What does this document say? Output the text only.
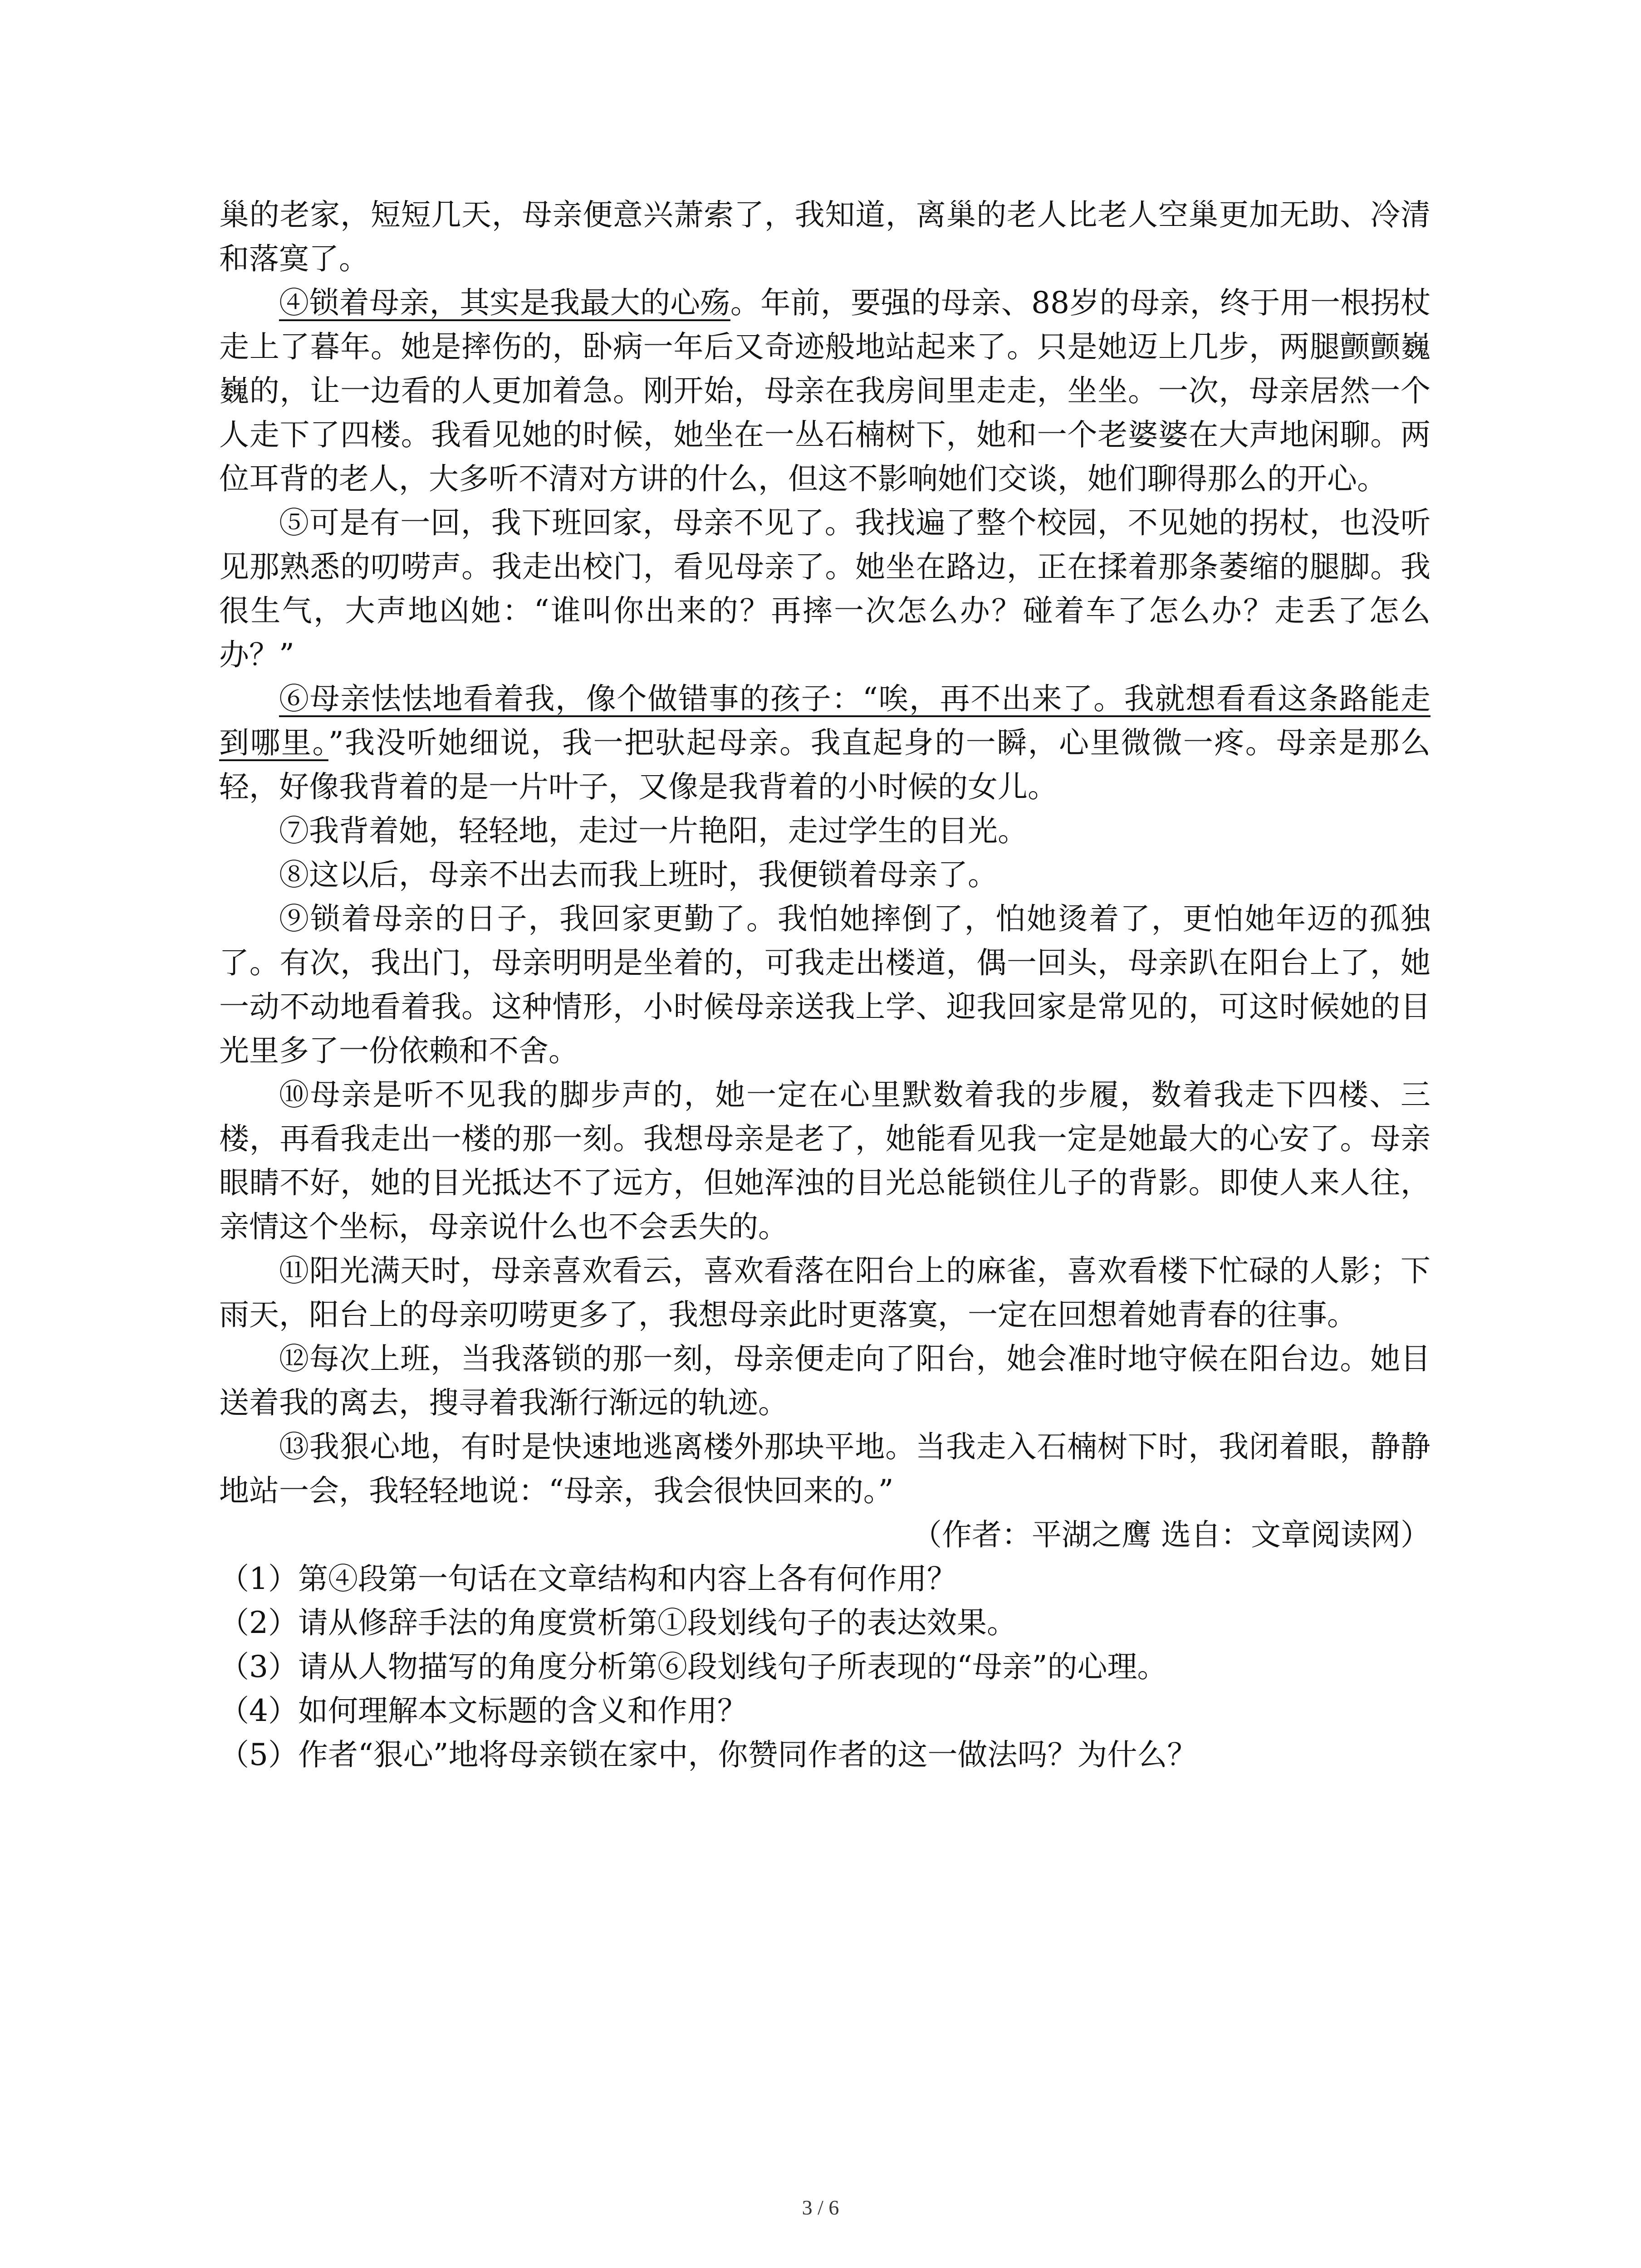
巢的老家，短短几天，母亲便意兴萧索了，我知道，离巢的老人比老人空巢更加无助、冷清和落寞了。

④锁着母亲，其实是我最大的心殇。年前，要强的母亲、88岁的母亲，终于用一根拐杖走上了暮年。她是摔伤的，卧病一年后又奇迹般地站起来了。只是她迈上几步，两腿颤颤巍巍的，让一边看的人更加着急。刚开始，母亲在我房间里走走，坐坐。一次，母亲居然一个人走下了四楼。我看见她的时候，她坐在一丛石楠树下，她和一个老婆婆在大声地闲聊。两位耳背的老人，大多听不清对方讲的什么，但这不影响她们交谈，她们聊得那么的开心。

⑤可是有一回，我下班回家，母亲不见了。我找遍了整个校园，不见她的拐杖，也没听见那熟悉的叨唠声。我走出校门，看见母亲了。她坐在路边，正在揉着那条萎缩的腿脚。我很生气，大声地凶她：“谁叫你出来的？再摔一次怎么办？碰着车了怎么办？走丢了怎么办？”

⑥母亲怯怯地看着我，像个做错事的孩子：“唉，再不出来了。我就想看看这条路能走到哪里。”我没听她细说，我一把驮起母亲。我直起身的一瞬，心里微微一疼。母亲是那么轻，好像我背着的是一片叶子，又像是我背着的小时候的女儿。

⑦我背着她，轻轻地，走过一片艳阳，走过学生的目光。

⑧这以后，母亲不出去而我上班时，我便锁着母亲了。

⑨锁着母亲的日子，我回家更勤了。我怕她摔倒了，怕她烫着了，更怕她年迈的孤独了。有次，我出门，母亲明明是坐着的，可我走出楼道，偶一回头，母亲趴在阳台上了，她一动不动地看着我。这种情形，小时候母亲送我上学、迎我回家是常见的，可这时候她的目光里多了一份依赖和不舍。

⑩母亲是听不见我的脚步声的，她一定在心里默数着我的步履，数着我走下四楼、三楼，再看我走出一楼的那一刻。我想母亲是老了，她能看见我一定是她最大的心安了。母亲眼睛不好，她的目光抵达不了远方，但她浑浊的目光总能锁住儿子的背影。即使人来人往，亲情这个坐标，母亲说什么也不会丢失的。

⑪阳光满天时，母亲喜欢看云，喜欢看落在阳台上的麻雀，喜欢看楼下忙碌的人影；下雨天，阳台上的母亲叨唠更多了，我想母亲此时更落寞，一定在回想着她青春的往事。

⑫每次上班，当我落锁的那一刻，母亲便走向了阳台，她会准时地守候在阳台边。她目送着我的离去，搜寻着我渐行渐远的轨迹。

⑬我狠心地，有时是快速地逃离楼外那块平地。当我走入石楠树下时，我闭着眼，静静地站一会，我轻轻地说：“母亲，我会很快回来的。”

（作者：平湖之鹰 选自：文章阅读网）

（1）第④段第一句话在文章结构和内容上各有何作用？
（2）请从修辞手法的角度赏析第①段划线句子的表达效果。
（3）请从人物描写的角度分析第⑥段划线句子所表现的“母亲”的心理。
（4）如何理解本文标题的含义和作用？
（5）作者“狠心”地将母亲锁在家中，你赞同作者的这一做法吗？为什么？
3 / 6
